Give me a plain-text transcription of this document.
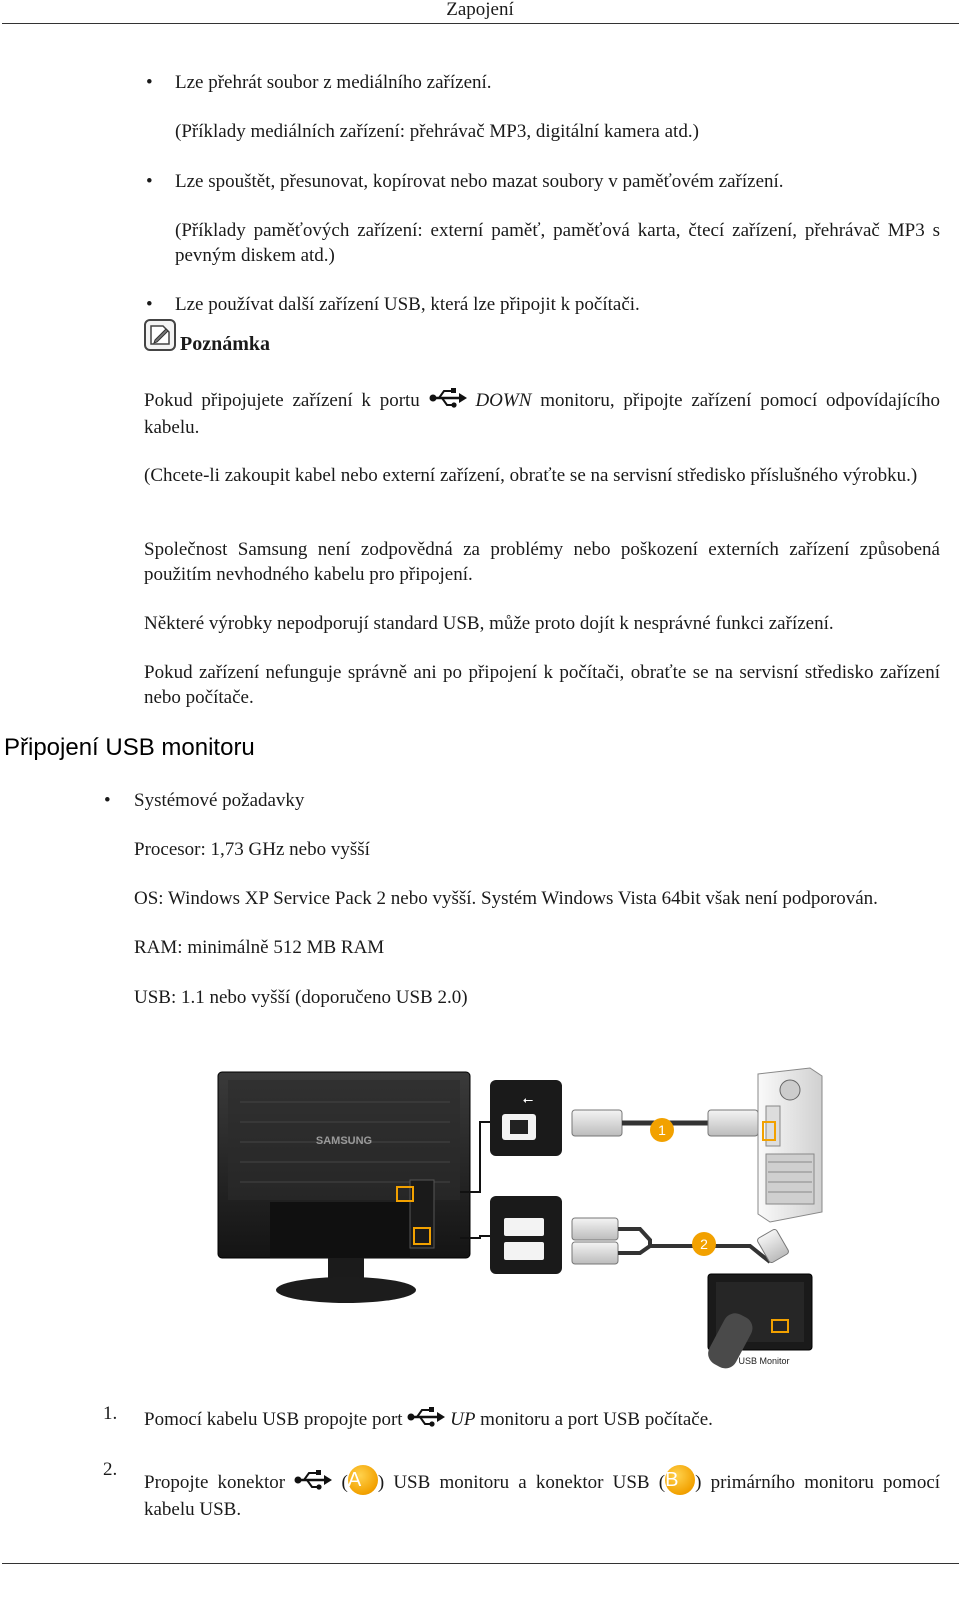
Zapojení
• Lze přehrát soubor z mediálního zařízení.
(Příklady mediálních zařízení: přehrávač MP3, digitální kamera atd.)
• Lze spouštět, přesunovat, kopírovat nebo mazat soubory v paměťovém zařízení.
(Příklady paměťových zařízení: externí paměť, paměťová karta, čtecí zařízení, přehrávač MP3 s pevným diskem atd.)
• Lze používat další zařízení USB, která lze připojit k počítači.
Poznámka
Pokud připojujete zařízení k portu	DOWN monitoru, připojte zařízení pomocí odpovídajícího kabelu.
(Chcete-li zakoupit kabel nebo externí zařízení, obraťte se na servisní středisko příslušného výrobku.)
Společnost Samsung není zodpovědná za problémy nebo poškození externích zařízení způsobená použitím nevhodného kabelu pro připojení.
Některé výrobky nepodporují standard USB, může proto dojít k nesprávné funkci zařízení.
Pokud zařízení nefunguje správně ani po připojení k počítači, obraťte se na servisní středisko zařízení nebo počítače.
Připojení USB monitoru
• Systémové požadavky
Procesor: 1,73 GHz nebo vyšší
OS: Windows XP Service Pack 2 nebo vyšší. Systém Windows Vista 64bit však není podporován.
RAM: minimálně 512 MB RAM
USB: 1.1 nebo vyšší (doporučeno USB 2.0)
SAMSUNG
⭠
1
2
USB Monitor
1. Pomocí kabelu USB propojte port	UP monitoru a port USB počítače.
2.
Propojte konektor	(A ) USB monitoru a konektor USB (B ) primárního monitoru pomocí kabelu USB.
